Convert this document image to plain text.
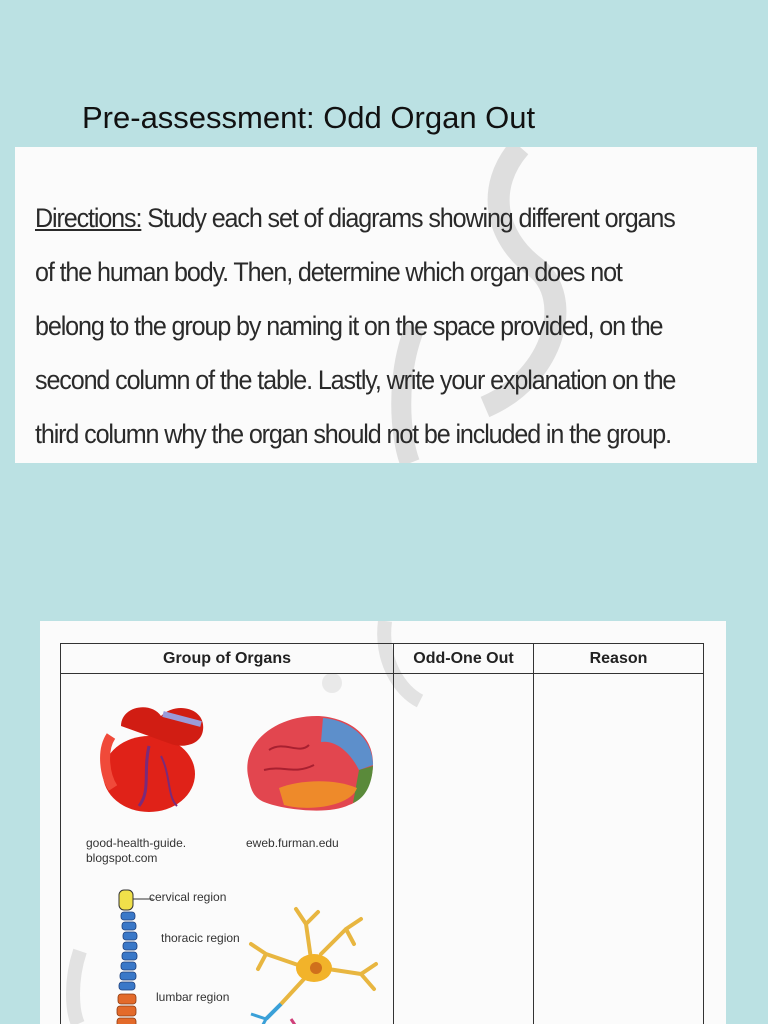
Pre-assessment: Odd Organ Out
Directions: Study each set of diagrams showing different organs of the human body. Then, determine which organ does not belong to the group by naming it on the space provided, on the second column of the table. Lastly, write your explanation on the third column why the organ should not be included in the group.
Group of Organs	Odd-One Out	Reason
good-health-guide.
blogspot.com
eweb.furman.edu
cervical region
thoracic region
lumbar region
